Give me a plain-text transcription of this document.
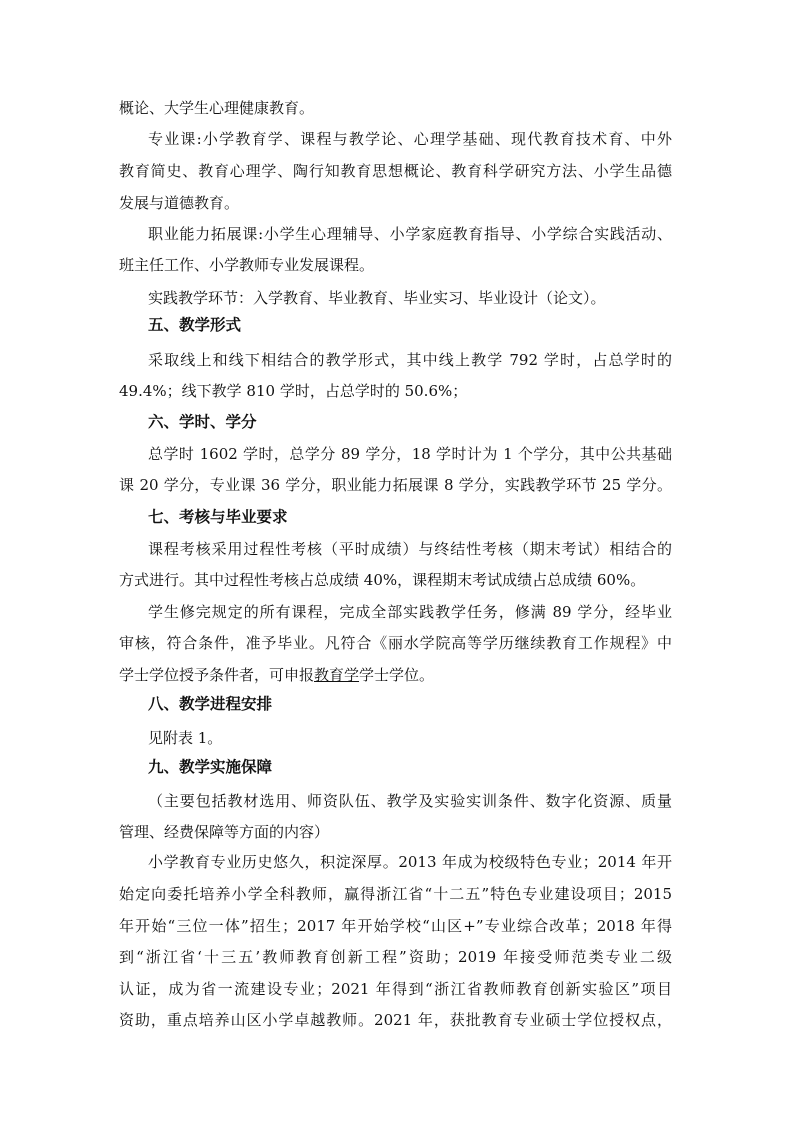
概论、大学生心理健康教育。
专业课:小学教育学、课程与教学论、心理学基础、现代教育技术育、中外
教育简史、教育心理学、陶行知教育思想概论、教育科学研究方法、小学生品德
发展与道德教育。
职业能力拓展课:小学生心理辅导、小学家庭教育指导、小学综合实践活动、
班主任工作、小学教师专业发展课程。
实践教学环节：入学教育、毕业教育、毕业实习、毕业设计（论文）。
五、教学形式
采取线上和线下相结合的教学形式，其中线上教学 792 学时，占总学时的
49.4%；线下教学 810 学时，占总学时的 50.6%；
六、学时、学分
总学时 1602 学时，总学分 89 学分，18 学时计为 1 个学分，其中公共基础
课 20 学分，专业课 36 学分，职业能力拓展课 8 学分，实践教学环节 25 学分。
七、考核与毕业要求
课程考核采用过程性考核（平时成绩）与终结性考核（期末考试）相结合的
方式进行。其中过程性考核占总成绩 40%，课程期末考试成绩占总成绩 60%。
学生修完规定的所有课程，完成全部实践教学任务，修满 89 学分，经毕业
审核，符合条件，准予毕业。凡符合《丽水学院高等学历继续教育工作规程》中
学士学位授予条件者，可申报教育学学士学位。
八、教学进程安排
见附表 1。
九、教学实施保障
（主要包括教材选用、师资队伍、教学及实验实训条件、数字化资源、质量
管理、经费保障等方面的内容）
小学教育专业历史悠久，积淀深厚。2013 年成为校级特色专业；2014 年开
始定向委托培养小学全科教师，赢得浙江省“十二五”特色专业建设项目；2015
年开始“三位一体”招生；2017 年开始学校“山区+”专业综合改革；2018 年得
到“浙江省‘十三五’教师教育创新工程”资助；2019 年接受师范类专业二级
认证，成为省一流建设专业；2021 年得到“浙江省教师教育创新实验区”项目
资助，重点培养山区小学卓越教师。2021 年，获批教育专业硕士学位授权点，
